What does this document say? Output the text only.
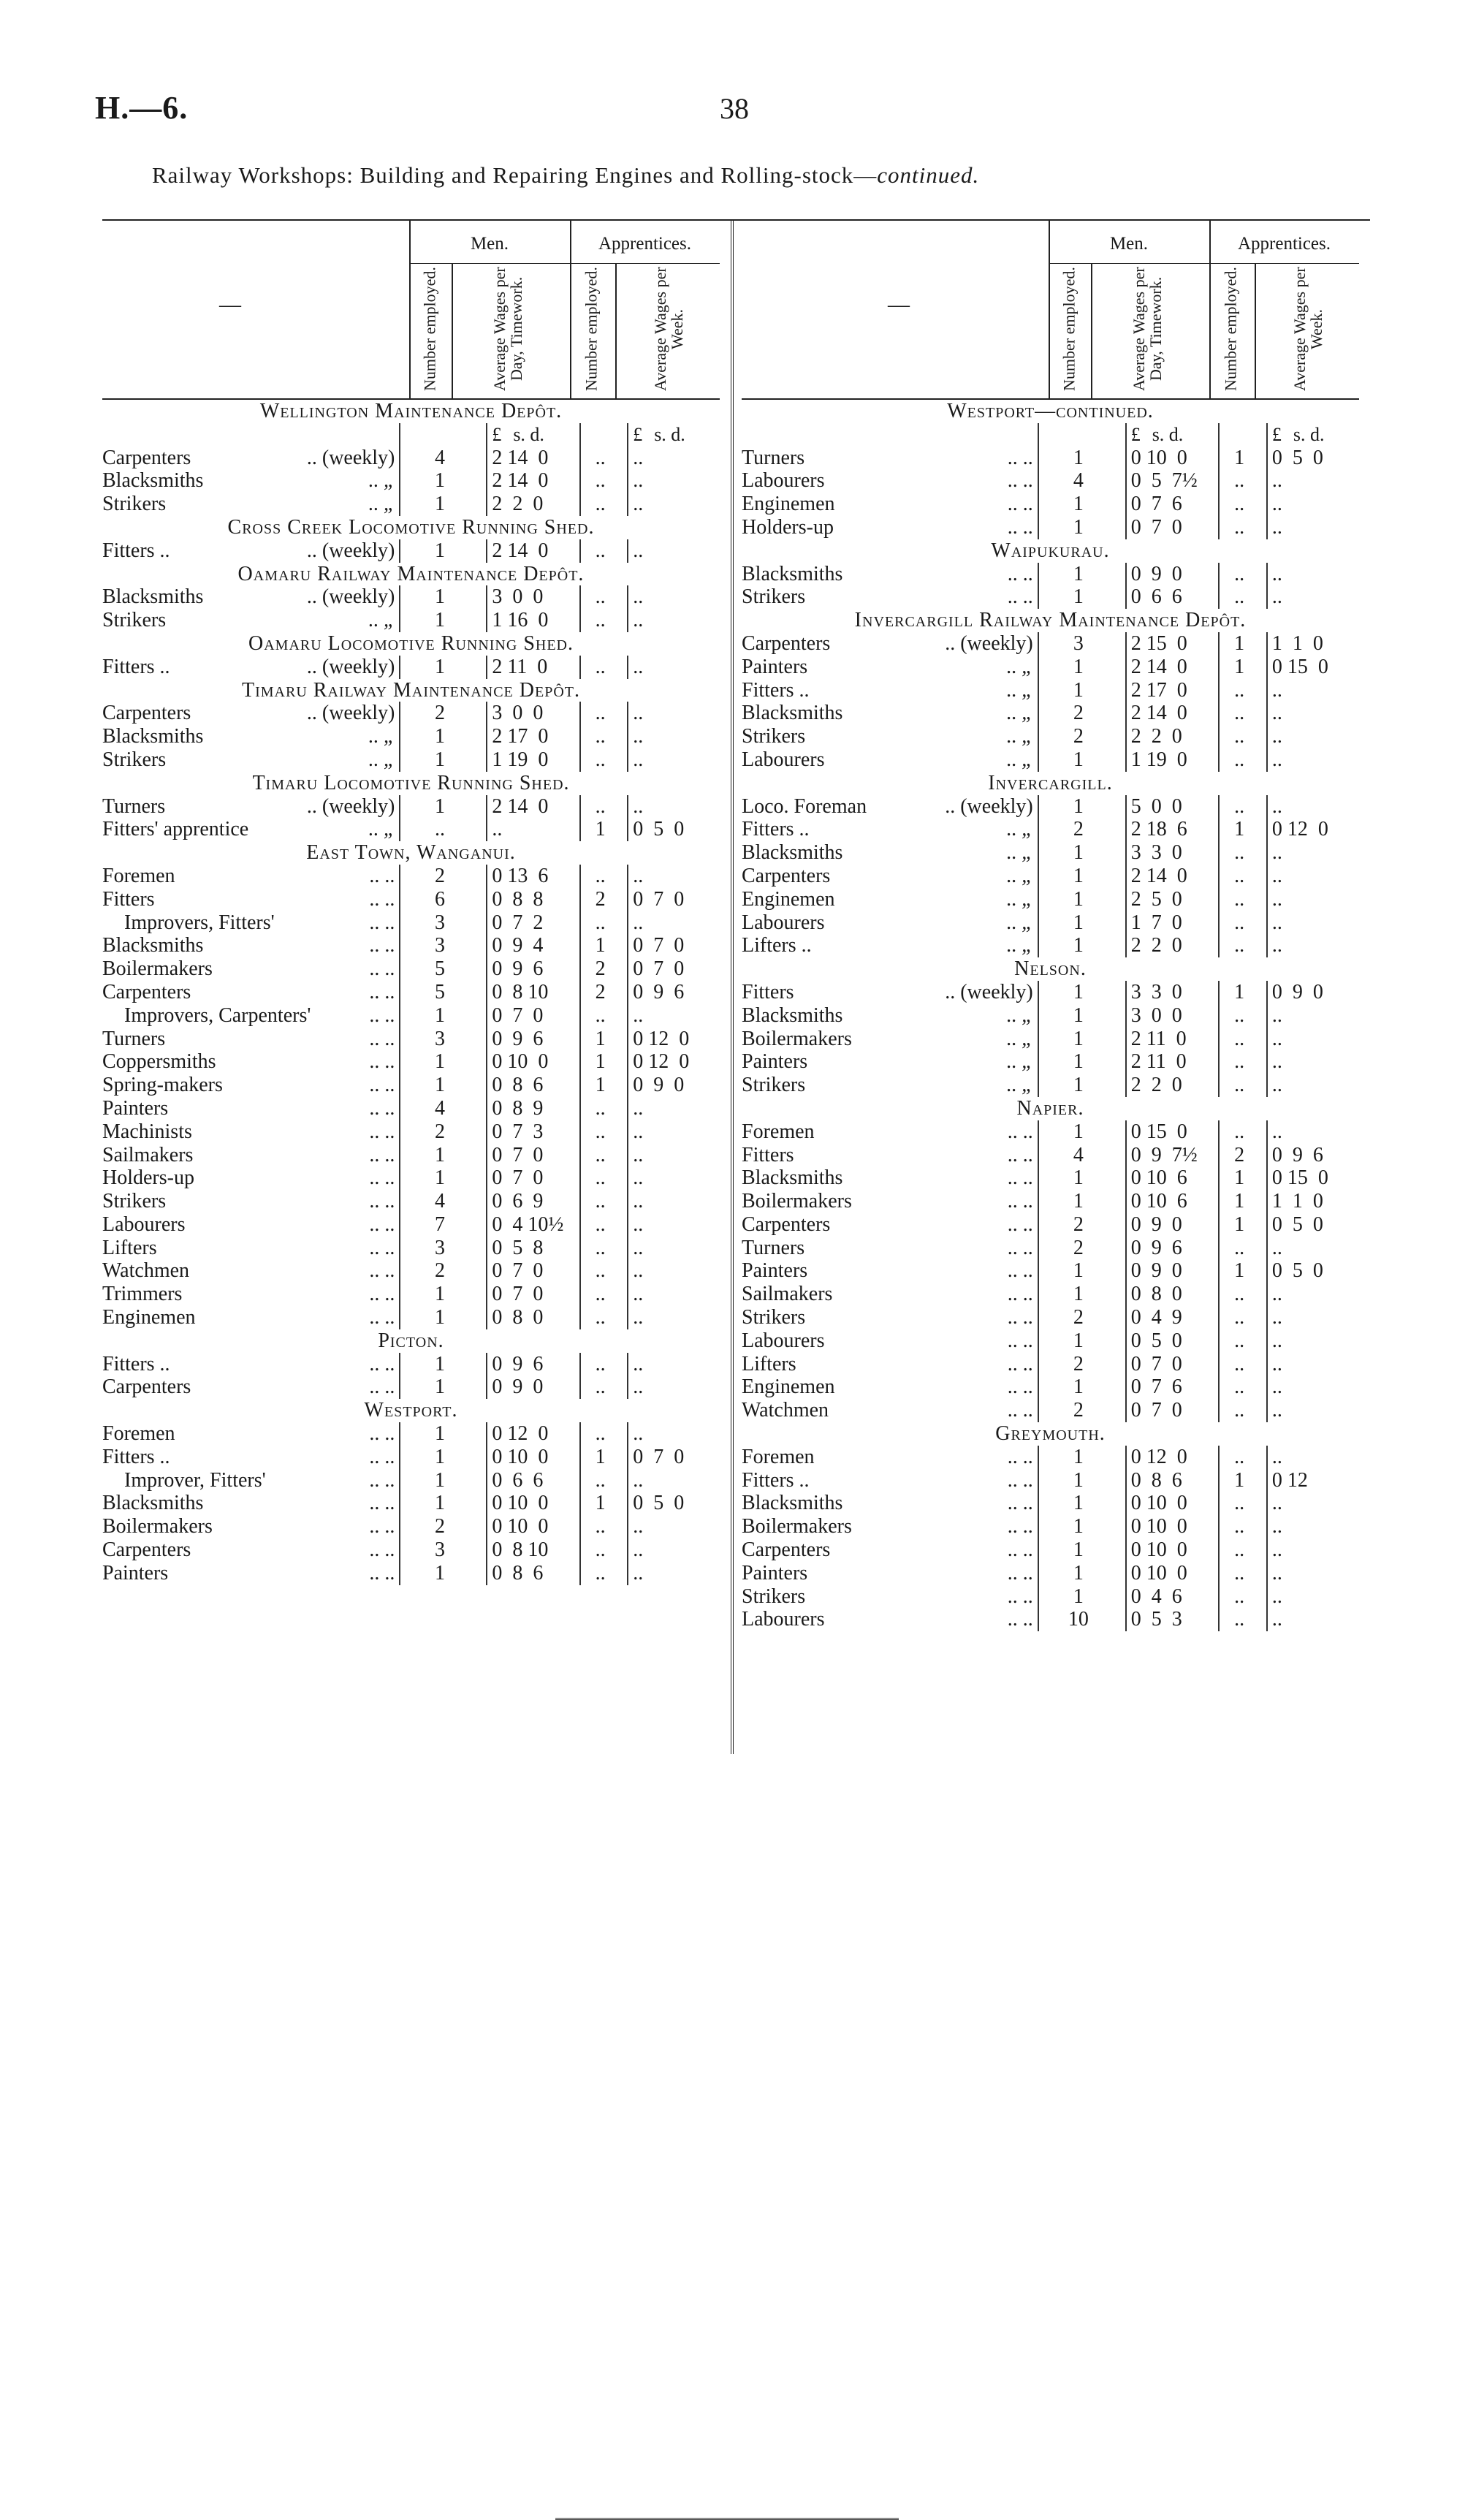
H.—6.	38
Railway Workshops: Building and Repairing Engines and Rolling-stock—continued.
—
Men.	Apprentices.
Number employed.	Average Wages per Day, Timework.	Number employed.	Average Wages per Week.
Wellington Maintenance Depôt.						
			£ s. d.			£ s. d.

Carpenters .. (weekly)	4		2 14  0	..		..

Blacksmiths .. „	1		2 14  0	..		..

Strikers .. „	1		2  2  0	..		..
Cross Creek Locomotive Running Shed.						

Fitters .. .. (weekly)	1		2 14  0	..		..
Oamaru Railway Maintenance Depôt.						

Blacksmiths .. (weekly)	1		3  0  0	..		..

Strikers .. „	1		1 16  0	..		..
Oamaru Locomotive Running Shed.						

Fitters .. .. (weekly)	1		2 11  0	..		..
Timaru Railway Maintenance Depôt.						

Carpenters .. (weekly)	2		3  0  0	..		..

Blacksmiths .. „	1		2 17  0	..		..

Strikers .. „	1		1 19  0	..		..
Timaru Locomotive Running Shed.						

Turners .. (weekly)	1		2 14  0	..		..

Fitters' apprentice .. „	..		..	1		0  5  0
East Town, Wanganui.						

Foremen .. ..	2		0 13  6	..		..

Fitters .. ..	6		0  8  8	2		0  7  0

Improvers, Fitters' .. ..	3		0  7  2	..		..

Blacksmiths .. ..	3		0  9  4	1		0  7  0

Boilermakers .. ..	5		0  9  6	2		0  7  0

Carpenters .. ..	5		0  8 10	2		0  9  6

Improvers, Carpenters' .. ..	1		0  7  0	..		..

Turners .. ..	3		0  9  6	1		0 12  0

Coppersmiths .. ..	1		0 10  0	1		0 12  0

Spring-makers .. ..	1		0  8  6	1		0  9  0

Painters .. ..	4		0  8  9	..		..

Machinists .. ..	2		0  7  3	..		..

Sailmakers .. ..	1		0  7  0	..		..

Holders-up .. ..	1		0  7  0	..		..

Strikers .. ..	4		0  6  9	..		..

Labourers .. ..	7		0  4 10½	..		..

Lifters .. ..	3		0  5  8	..		..

Watchmen .. ..	2		0  7  0	..		..

Trimmers .. ..	1		0  7  0	..		..

Enginemen .. ..	1		0  8  0	..		..
Picton.						

Fitters .. .. ..	1		0  9  6	..		..

Carpenters .. ..	1		0  9  0	..		..
Westport.						

Foremen .. ..	1		0 12  0	..		..

Fitters .. .. ..	1		0 10  0	1		0  7  0

Improver, Fitters' .. ..	1		0  6  6	..		..

Blacksmiths .. ..	1		0 10  0	1		0  5  0

Boilermakers .. ..	2		0 10  0	..		..

Carpenters .. ..	3		0  8 10	..		..

Painters .. ..	1		0  8  6	..		..
—
Men.	Apprentices.
Number employed.	Average Wages per Day, Timework.	Number employed.	Average Wages per Week.
Westport—continued.						
			£ s. d.			£ s. d.

Turners .. ..	1		0 10  0	1		0  5  0

Labourers .. ..	4		0  5  7½	..		..

Enginemen .. ..	1		0  7  6	..		..

Holders-up .. ..	1		0  7  0	..		..
Waipukurau.						

Blacksmiths .. ..	1		0  9  0	..		..

Strikers .. ..	1		0  6  6	..		..
Invercargill Railway Maintenance Depôt.						

Carpenters .. (weekly)	3		2 15  0	1		1  1  0

Painters .. „	1		2 14  0	1		0 15  0

Fitters .. .. „	1		2 17  0	..		..

Blacksmiths .. „	2		2 14  0	..		..

Strikers .. „	2		2  2  0	..		..

Labourers .. „	1		1 19  0	..		..
Invercargill.						

Loco. Foreman .. (weekly)	1		5  0  0	..		..

Fitters .. .. „	2		2 18  6	1		0 12  0

Blacksmiths .. „	1		3  3  0	..		..

Carpenters .. „	1		2 14  0	..		..

Enginemen .. „	1		2  5  0	..		..

Labourers .. „	1		1  7  0	..		..

Lifters .. .. „	1		2  2  0	..		..
Nelson.						

Fitters .. (weekly)	1		3  3  0	1		0  9  0

Blacksmiths .. „	1		3  0  0	..		..

Boilermakers .. „	1		2 11  0	..		..

Painters .. „	1		2 11  0	..		..

Strikers .. „	1		2  2  0	..		..
Napier.						

Foremen .. ..	1		0 15  0	..		..

Fitters .. ..	4		0  9  7½	2		0  9  6

Blacksmiths .. ..	1		0 10  6	1		0 15  0

Boilermakers .. ..	1		0 10  6	1		1  1  0

Carpenters .. ..	2		0  9  0	1		0  5  0

Turners .. ..	2		0  9  6	..		..

Painters .. ..	1		0  9  0	1		0  5  0

Sailmakers .. ..	1		0  8  0	..		..

Strikers .. ..	2		0  4  9	..		..

Labourers .. ..	1		0  5  0	..		..

Lifters .. ..	2		0  7  0	..		..

Enginemen .. ..	1		0  7  6	..		..

Watchmen .. ..	2		0  7  0	..		..
Greymouth.						

Foremen .. ..	1		0 12  0	..		..

Fitters .. .. ..	1		0  8  6	1		0 12

Blacksmiths .. ..	1		0 10  0	..		..

Boilermakers .. ..	1		0 10  0	..		..

Carpenters .. ..	1		0 10  0	..		..

Painters .. ..	1		0 10  0	..		..

Strikers .. ..	1		0  4  6	..		..

Labourers .. ..	10		0  5  3	..		..
